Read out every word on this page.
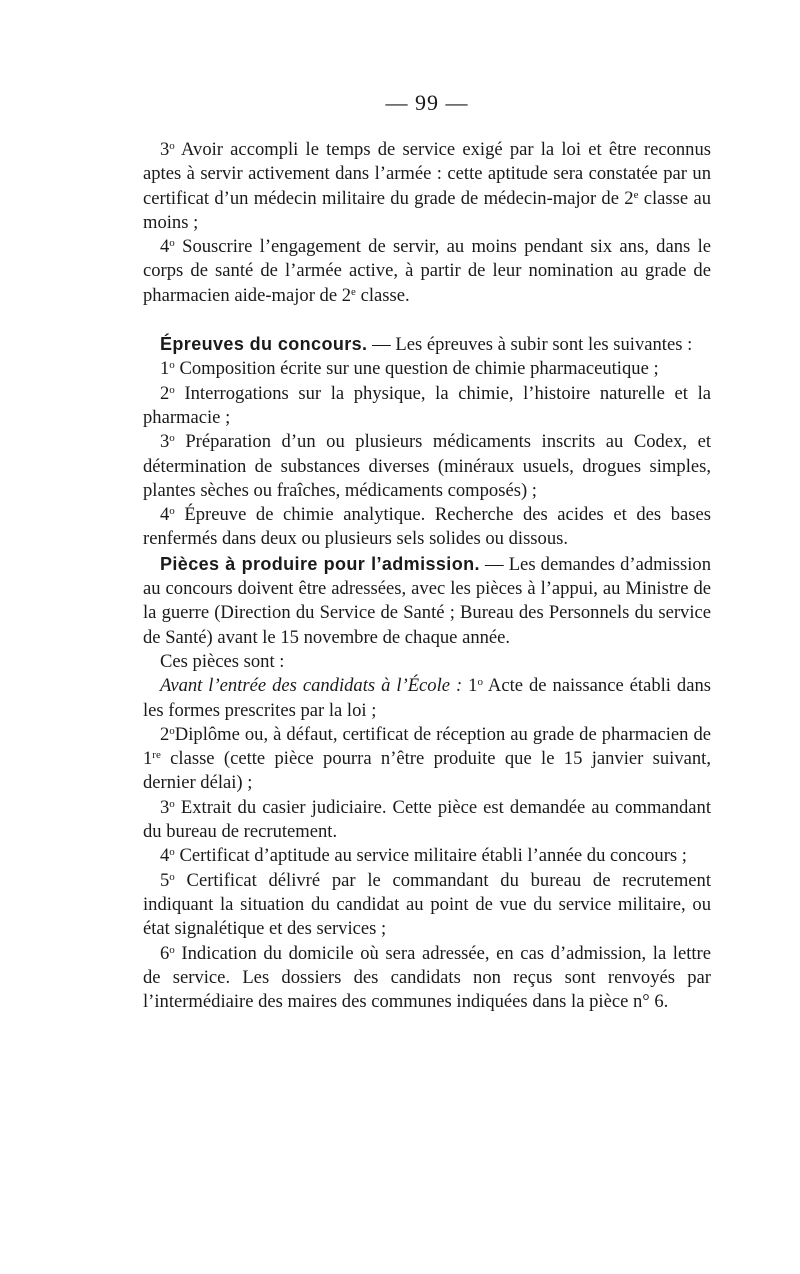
— 99 —

3$^o$ Avoir accompli le temps de service exigé par la loi et être reconnus aptes à servir activement dans l’armée : cette aptitude sera constatée par un certificat d’un médecin militaire du grade de médecin-major de 2e classe au moins ;

4$^o$ Souscrire l’engagement de servir, au moins pendant six ans, dans le corps de santé de l’armée active, à partir de leur nomination au grade de pharmacien aide-major de 2e classe.

Épreuves du concours. — Les épreuves à subir sont les suivantes :

1$^o$ Composition écrite sur une question de chimie pharmaceutique ;

2$^o$ Interrogations sur la physique, la chimie, l’histoire naturelle et la pharmacie ;

3$^o$ Préparation d’un ou plusieurs médicaments inscrits au Codex, et détermination de substances diverses (minéraux usuels, drogues simples, plantes sèches ou fraîches, médicaments composés) ;

4$^o$ Épreuve de chimie analytique. Recherche des acides et des bases renfermés dans deux ou plusieurs sels solides ou dissous.

Pièces à produire pour l’admission. — Les demandes d’admission au concours doivent être adressées, avec les pièces à l’appui, au Ministre de la guerre (Direction du Service de Santé ; Bureau des Personnels du service de Santé) avant le 15 novembre de chaque année.

Ces pièces sont :

Avant l’entrée des candidats à l’École : 1$^o$ Acte de naissance établi dans les formes prescrites par la loi ;

2$^o$Diplôme ou, à défaut, certificat de réception au grade de pharmacien de 1re classe (cette pièce pourra n’être produite que le 15 janvier suivant, dernier délai) ;

3$^o$ Extrait du casier judiciaire. Cette pièce est demandée au commandant du bureau de recrutement.

4$^o$ Certificat d’aptitude au service militaire établi l’année du concours ;

5$^o$ Certificat délivré par le commandant du bureau de recrutement indiquant la situation du candidat au point de vue du service militaire, ou état signalétique et des services ;

6$^o$ Indication du domicile où sera adressée, en cas d’admission, la lettre de service. Les dossiers des candidats non reçus sont renvoyés par l’intermédiaire des maires des communes indiquées dans la pièce n° 6.
